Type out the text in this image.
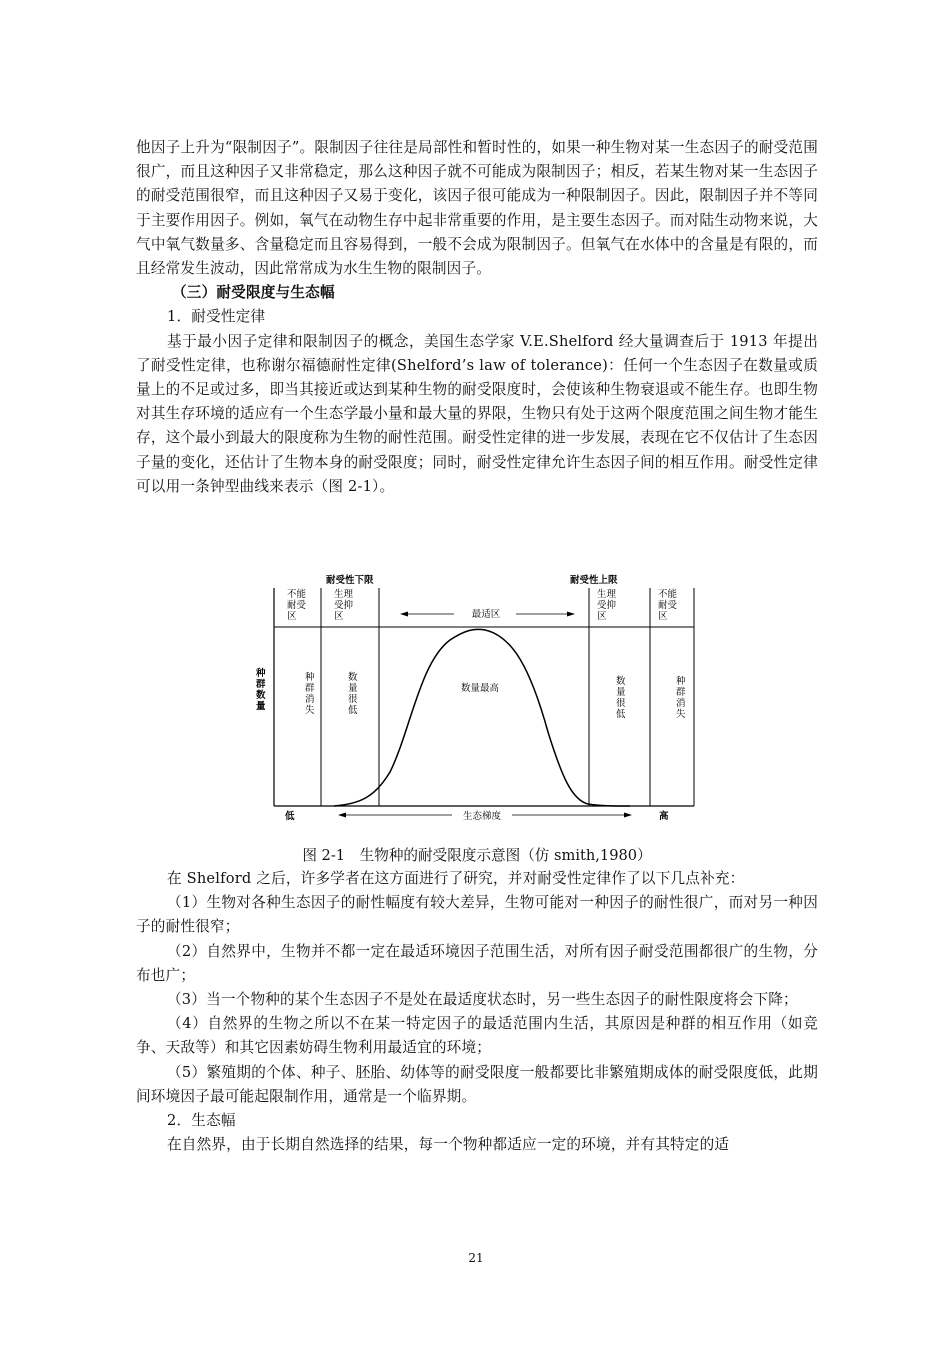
他因子上升为“限制因子”。限制因子往往是局部性和暂时性的，如果一种生物对某一生态因子的耐受范围很广，而且这种因子又非常稳定，那么这种因子就不可能成为限制因子；相反，若某生物对某一生态因子的耐受范围很窄，而且这种因子又易于变化，该因子很可能成为一种限制因子。因此，限制因子并不等同于主要作用因子。例如，氧气在动物生存中起非常重要的作用，是主要生态因子。而对陆生动物来说，大气中氧气数量多、含量稳定而且容易得到，一般不会成为限制因子。但氧气在水体中的含量是有限的，而且经常发生波动，因此常常成为水生生物的限制因子。

（三）耐受限度与生态幅

1．耐受性定律

基于最小因子定律和限制因子的概念，美国生态学家 V.E.Shelford 经大量调查后于 1913 年提出了耐受性定律，也称谢尔福德耐性定律(Shelford’s law of tolerance)：任何一个生态因子在数量或质量上的不足或过多，即当其接近或达到某种生物的耐受限度时，会使该种生物衰退或不能生存。也即生物对其生存环境的适应有一个生态学最小量和最大量的界限，生物只有处于这两个限度范围之间生物才能生存，这个最小到最大的限度称为生物的耐性范围。耐受性定律的进一步发展，表现在它不仅估计了生态因子量的变化，还估计了生物本身的耐受限度；同时，耐受性定律允许生态因子间的相互作用。耐受性定律可以用一条钟型曲线来表示（图 2-1）。

耐受性下限	耐受性上限
最适区
不能
耐受
区
生理
受抑
区
生理
受抑
区
不能
耐受
区
种
群
数
量
种
群
消
失
数
量
很
低
数
量
很
低
种
群
消
失
数量最高
低	生态梯度	高
图 2-1　生物种的耐受限度示意图（仿 smith,1980）

在 Shelford 之后，许多学者在这方面进行了研究，并对耐受性定律作了以下几点补充：

（1）生物对各种生态因子的耐性幅度有较大差异，生物可能对一种因子的耐性很广，而对另一种因子的耐性很窄；

（2）自然界中，生物并不都一定在最适环境因子范围生活，对所有因子耐受范围都很广的生物，分布也广；

（3）当一个物种的某个生态因子不是处在最适度状态时，另一些生态因子的耐性限度将会下降；

（4）自然界的生物之所以不在某一特定因子的最适范围内生活，其原因是种群的相互作用（如竞争、天敌等）和其它因素妨碍生物利用最适宜的环境；

（5）繁殖期的个体、种子、胚胎、幼体等的耐受限度一般都要比非繁殖期成体的耐受限度低，此期间环境因子最可能起限制作用，通常是一个临界期。

2．生态幅

在自然界，由于长期自然选择的结果，每一个物种都适应一定的环境，并有其特定的适

21
